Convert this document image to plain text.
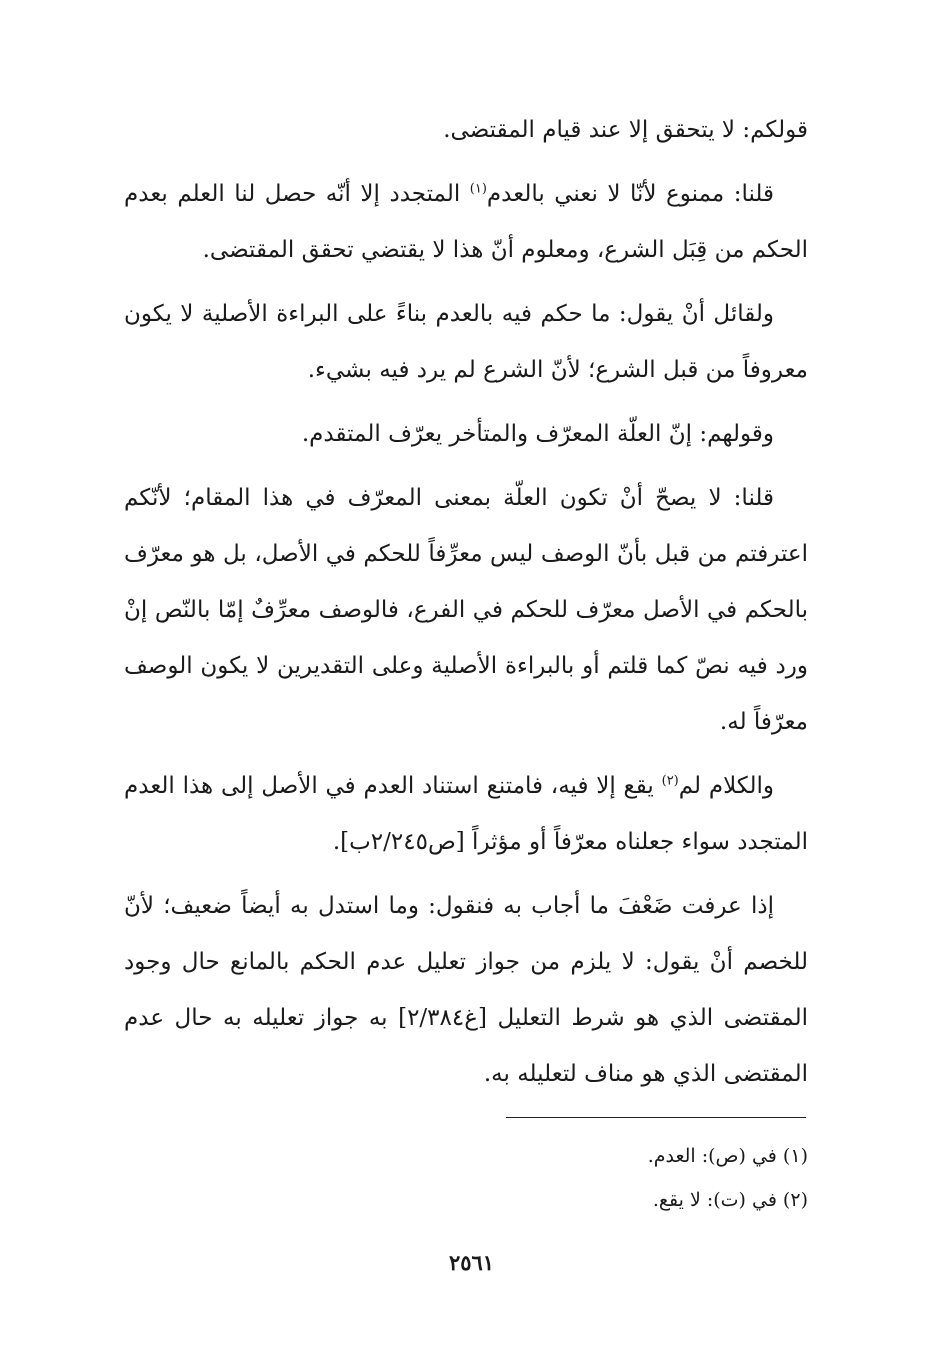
قولكم: لا يتحقق إلا عند قيام المقتضى.

قلنا: ممنوع لأنّا لا نعني بالعدم$^{(١)}$ المتجدد إلا أنّه حصل لنا العلم بعدم الحكم من قِبَل الشرع، ومعلوم أنّ هذا لا يقتضي تحقق المقتضى.

ولقائل أنْ يقول: ما حكم فيه بالعدم بناءً على البراءة الأصلية لا يكون معروفاً من قبل الشرع؛ لأنّ الشرع لم يرد فيه بشيء.

وقولهم: إنّ العلّة المعرّف والمتأخر يعرّف المتقدم.

قلنا: لا يصحّ أنْ تكون العلّة بمعنى المعرّف في هذا المقام؛ لأنّكم اعترفتم من قبل بأنّ الوصف ليس معرِّفاً للحكم في الأصل، بل هو معرّف بالحكم في الأصل معرّف للحكم في الفرع، فالوصف معرِّفٌ إمّا بالنّص إنْ ورد فيه نصّ كما قلتم أو بالبراءة الأصلية وعلى التقديرين لا يكون الوصف معرّفاً له.

والكلام لم$^{(٢)}$ يقع إلا فيه، فامتنع استناد العدم في الأصل إلى هذا العدم المتجدد سواء جعلناه معرّفاً أو مؤثراً [ص٢/٢٤٥ب].

إذا عرفت ضَعْفَ ما أجاب به فنقول: وما استدل به أيضاً ضعيف؛ لأنّ للخصم أنْ يقول: لا يلزم من جواز تعليل عدم الحكم بالمانع حال وجود المقتضى الذي هو شرط التعليل [غ٢/٣٨٤] به جواز تعليله به حال عدم المقتضى الذي هو مناف لتعليله به.

(١) في (ص): العدم.

(٢) في (ت): لا يقع.

٢٥٦١
